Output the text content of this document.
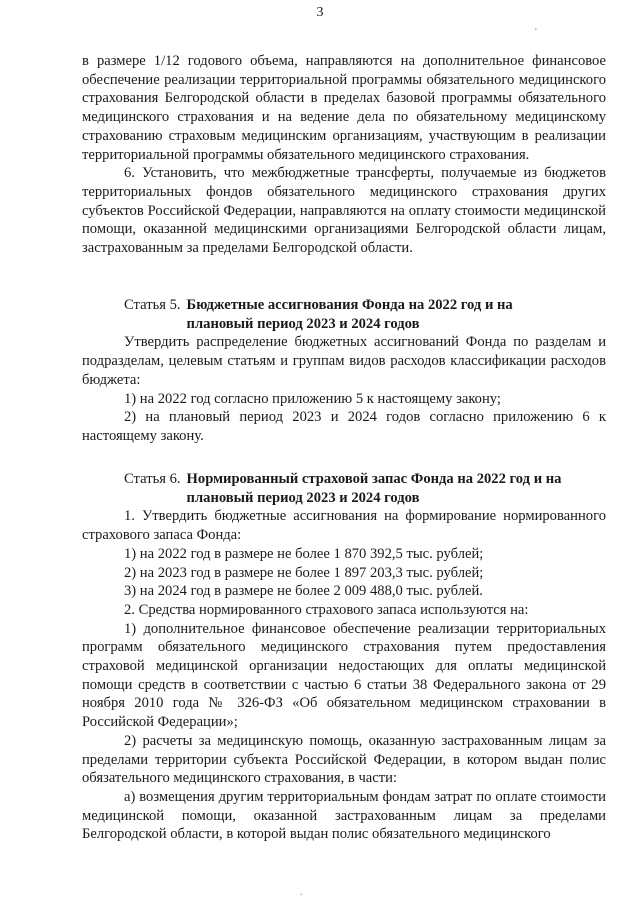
3

в размере 1/12 годового объема, направляются на дополнительное финансовое обеспечение реализации территориальной программы обязательного медицинского страхования Белгородской области в пределах базовой программы обязательного медицинского страхования и на ведение дела по обязательному медицинскому страхованию страховым медицинским организациям, участвующим в реализации территориальной программы обязательного медицинского страхования.

6. Установить, что межбюджетные трансферты, получаемые из бюджетов территориальных фондов обязательного медицинского страхования других субъектов Российской Федерации, направляются на оплату стоимости медицинской помощи, оказанной медицинскими организациями Белгородской области лицам, застрахованным за пределами Белгородской области.

Статья 5. Бюджетные ассигнования Фонда на 2022 год и на
плановый период 2023 и 2024 годов

Утвердить распределение бюджетных ассигнований Фонда по разделам и подразделам, целевым статьям и группам видов расходов классификации расходов бюджета:

1) на 2022 год согласно приложению 5 к настоящему закону;

2) на плановый период 2023 и 2024 годов согласно приложению 6 к настоящему закону.

Статья 6. Нормированный страховой запас Фонда на 2022 год и на
плановый период 2023 и 2024 годов

1. Утвердить бюджетные ассигнования на формирование нормированного страхового запаса Фонда:

1) на 2022 год в размере не более 1 870 392,5 тыс. рублей;

2) на 2023 год в размере не более 1 897 203,3 тыс. рублей;

3) на 2024 год в размере не более 2 009 488,0 тыс. рублей.

2. Средства нормированного страхового запаса используются на:

1) дополнительное финансовое обеспечение реализации территориальных программ обязательного медицинского страхования путем предоставления страховой медицинской организации недостающих для оплаты медицинской помощи средств в соответствии с частью 6 статьи 38 Федерального закона от 29 ноября 2010 года № 326-ФЗ «Об обязательном медицинском страховании в Российской Федерации»;

2) расчеты за медицинскую помощь, оказанную застрахованным лицам за пределами территории субъекта Российской Федерации, в котором выдан полис обязательного медицинского страхования, в части:

а) возмещения другим территориальным фондам затрат по оплате стоимости медицинской помощи, оказанной застрахованным лицам за пределами Белгородской области, в которой выдан полис обязательного медицинского

'
.
